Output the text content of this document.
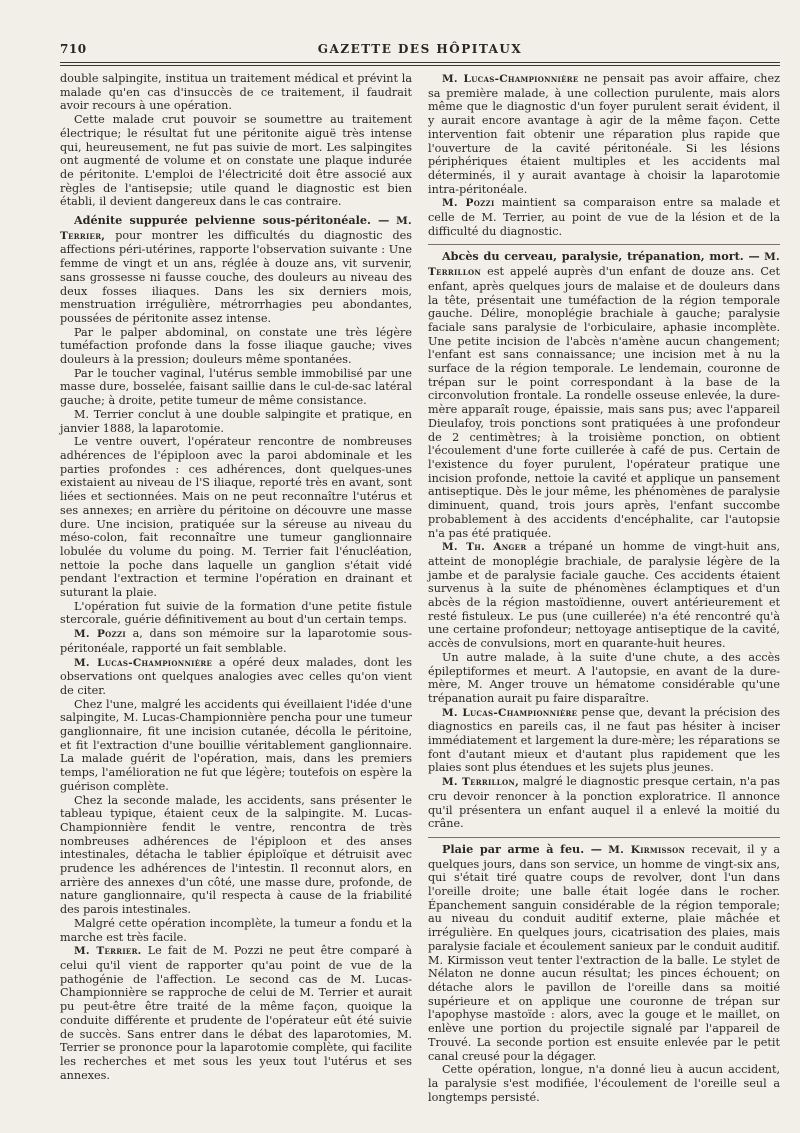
710	GAZETTE DES HÔPITAUX

double salpingite, institua un traitement médical et prévint la malade qu'en cas d'insuccès de ce traitement, il faudrait avoir recours à une opération.

Cette malade crut pouvoir se soumettre au traitement électrique; le résultat fut une péritonite aiguë très intense qui, heureusement, ne fut pas suivie de mort. Les salpingites ont augmenté de volume et on constate une plaque indurée de péritonite. L'emploi de l'électricité doit être associé aux règles de l'antisepsie; utile quand le diagnostic est bien établi, il devient dangereux dans le cas contraire.

Adénite suppurée pelvienne sous-péritonéale. — M. Terrier, pour montrer les difficultés du diagnostic des affections péri-utérines, rapporte l'observation suivante : Une femme de vingt et un ans, réglée à douze ans, vit survenir, sans grossesse ni fausse couche, des douleurs au niveau des deux fosses iliaques. Dans les six derniers mois, menstruation irrégulière, métrorrhagies peu abondantes, poussées de péritonite assez intense.

Par le palper abdominal, on constate une très légère tuméfaction profonde dans la fosse iliaque gauche; vives douleurs à la pression; douleurs même spontanées.

Par le toucher vaginal, l'utérus semble immobilisé par une masse dure, bosselée, faisant saillie dans le cul-de-sac latéral gauche; à droite, petite tumeur de même consistance.

M. Terrier conclut à une double salpingite et pratique, en janvier 1888, la laparotomie.

Le ventre ouvert, l'opérateur rencontre de nombreuses adhérences de l'épiploon avec la paroi abdominale et les parties profondes : ces adhérences, dont quelques-unes existaient au niveau de l'S iliaque, reporté très en avant, sont liées et sectionnées. Mais on ne peut reconnaître l'utérus et ses annexes; en arrière du péritoine on découvre une masse dure. Une incision, pratiquée sur la séreuse au niveau du méso-colon, fait reconnaître une tumeur ganglionnaire lobulée du volume du poing. M. Terrier fait l'énucléation, nettoie la poche dans laquelle un ganglion s'était vidé pendant l'extraction et termine l'opération en drainant et suturant la plaie.

L'opération fut suivie de la formation d'une petite fistule stercorale, guérie définitivement au bout d'un certain temps.

M. Pozzi a, dans son mémoire sur la laparotomie sous-péritonéale, rapporté un fait semblable.

M. Lucas-Championnière a opéré deux malades, dont les observations ont quelques analogies avec celles qu'on vient de citer.

Chez l'une, malgré les accidents qui éveillaient l'idée d'une salpingite, M. Lucas-Championnière pencha pour une tumeur ganglionnaire, fit une incision cutanée, décolla le péritoine, et fit l'extraction d'une bouillie véritablement ganglionnaire. La malade guérit de l'opération, mais, dans les premiers temps, l'amélioration ne fut que légère; toutefois on espère la guérison complète.

Chez la seconde malade, les accidents, sans présenter le tableau typique, étaient ceux de la salpingite. M. Lucas-Championnière fendit le ventre, rencontra de très nombreuses adhérences de l'épiploon et des anses intestinales, détacha le tablier épiploïque et détruisit avec prudence les adhérences de l'intestin. Il reconnut alors, en arrière des annexes d'un côté, une masse dure, profonde, de nature ganglionnaire, qu'il respecta à cause de la friabilité des parois intestinales.

Malgré cette opération incomplète, la tumeur a fondu et la marche est très facile.

M. Terrier. Le fait de M. Pozzi ne peut être comparé à celui qu'il vient de rapporter qu'au point de vue de la pathogénie de l'affection. Le second cas de M. Lucas-Championnière se rapproche de celui de M. Terrier et aurait pu peut-être être traité de la même façon, quoique la conduite différente et prudente de l'opérateur eût été suivie de succès. Sans entrer dans le débat des laparotomies, M. Terrier se prononce pour la laparotomie complète, qui facilite les recherches et met sous les yeux tout l'utérus et ses annexes.

M. Lucas-Championnière ne pensait pas avoir affaire, chez sa première malade, à une collection purulente, mais alors même que le diagnostic d'un foyer purulent serait évident, il y aurait encore avantage à agir de la même façon. Cette intervention fait obtenir une réparation plus rapide que l'ouverture de la cavité péritonéale. Si les lésions périphériques étaient multiples et les accidents mal déterminés, il y aurait avantage à choisir la laparotomie intra-péritonéale.

M. Pozzi maintient sa comparaison entre sa malade et celle de M. Terrier, au point de vue de la lésion et de la difficulté du diagnostic.

Abcès du cerveau, paralysie, trépanation, mort. — M. Terrillon est appelé auprès d'un enfant de douze ans. Cet enfant, après quelques jours de malaise et de douleurs dans la tête, présentait une tuméfaction de la région temporale gauche. Délire, monoplégie brachiale à gauche; paralysie faciale sans paralysie de l'orbiculaire, aphasie incomplète. Une petite incision de l'abcès n'amène aucun changement; l'enfant est sans connaissance; une incision met à nu la surface de la région temporale. Le lendemain, couronne de trépan sur le point correspondant à la base de la circonvolution frontale. La rondelle osseuse enlevée, la dure-mère apparaît rouge, épaissie, mais sans pus; avec l'appareil Dieulafoy, trois ponctions sont pratiquées à une profondeur de 2 centimètres; à la troisième ponction, on obtient l'écoulement d'une forte cuillerée à café de pus. Certain de l'existence du foyer purulent, l'opérateur pratique une incision profonde, nettoie la cavité et applique un pansement antiseptique. Dès le jour même, les phénomènes de paralysie diminuent, quand, trois jours après, l'enfant succombe probablement à des accidents d'encéphalite, car l'autopsie n'a pas été pratiquée.

M. Th. Anger a trépané un homme de vingt-huit ans, atteint de monoplégie brachiale, de paralysie légère de la jambe et de paralysie faciale gauche. Ces accidents étaient survenus à la suite de phénomènes éclamptiques et d'un abcès de la région mastoïdienne, ouvert antérieurement et resté fistuleux. Le pus (une cuillerée) n'a été rencontré qu'à une certaine profondeur; nettoyage antiseptique de la cavité, accès de convulsions, mort en quarante-huit heures.

Un autre malade, à la suite d'une chute, a des accès épileptiformes et meurt. A l'autopsie, en avant de la dure-mère, M. Anger trouve un hématome considérable qu'une trépanation aurait pu faire disparaître.

M. Lucas-Championnière pense que, devant la précision des diagnostics en pareils cas, il ne faut pas hésiter à inciser immédiatement et largement la dure-mère; les réparations se font d'autant mieux et d'autant plus rapidement que les plaies sont plus étendues et les sujets plus jeunes.

M. Terrillon, malgré le diagnostic presque certain, n'a pas cru devoir renoncer à la ponction exploratrice. Il annonce qu'il présentera un enfant auquel il a enlevé la moitié du crâne.

Plaie par arme à feu. — M. Kirmisson recevait, il y a quelques jours, dans son service, un homme de vingt-six ans, qui s'était tiré quatre coups de revolver, dont l'un dans l'oreille droite; une balle était logée dans le rocher. Épanchement sanguin considérable de la région temporale; au niveau du conduit auditif externe, plaie mâchée et irrégulière. En quelques jours, cicatrisation des plaies, mais paralysie faciale et écoulement sanieux par le conduit auditif. M. Kirmisson veut tenter l'extraction de la balle. Le stylet de Nélaton ne donne aucun résultat; les pinces échouent; on détache alors le pavillon de l'oreille dans sa moitié supérieure et on applique une couronne de trépan sur l'apophyse mastoïde : alors, avec la gouge et le maillet, on enlève une portion du projectile signalé par l'appareil de Trouvé. La seconde portion est ensuite enlevée par le petit canal creusé pour la dégager.

Cette opération, longue, n'a donné lieu à aucun accident, la paralysie s'est modifiée, l'écoulement de l'oreille seul a longtemps persisté.
